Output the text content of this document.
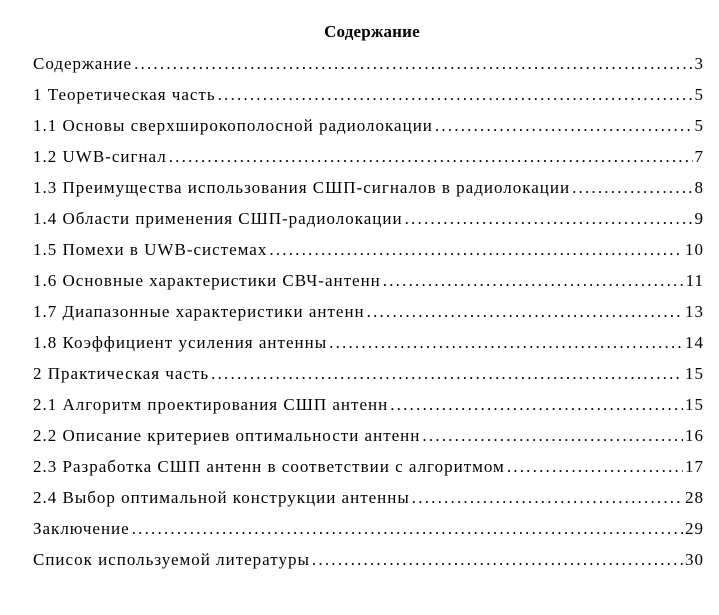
Содержание
Содержание .....	3
1 Теоретическая часть .....	5
1.1 Основы сверхширокополосной радиолокации .....	5
1.2 UWB-сигнал .....	7
1.3 Преимущества использования СШП-сигналов в радиолокации .....	8
1.4 Области применения СШП-радиолокации .....	9
1.5 Помехи в UWB-системах .....	10
1.6 Основные характеристики СВЧ-антенн .....	11
1.7 Диапазонные характеристики антенн .....	13
1.8 Коэффициент усиления антенны .....	14
2 Практическая часть .....	15
2.1 Алгоритм проектирования СШП антенн .....	15
2.2 Описание критериев оптимальности антенн .....	16
2.3 Разработка СШП антенн в соответствии с алгоритмом .....	17
2.4 Выбор оптимальной конструкции антенны .....	28
Заключение .....	29
Список используемой литературы .....	30
